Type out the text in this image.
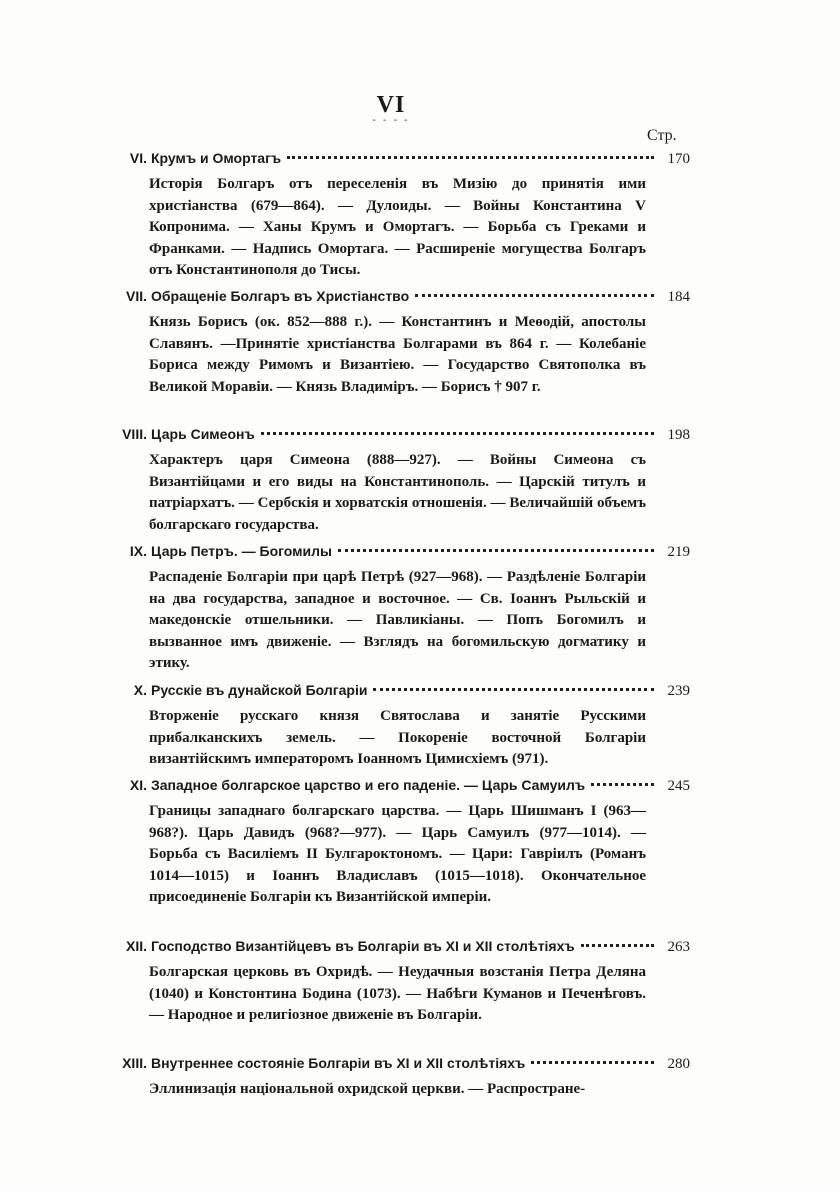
VI
- - - -
Стр.
VI. Крумъ и Омортагъ	170
Исторія Болгаръ отъ переселенія въ Мизію до принятія ими христіанства (679—864). — Дулоиды. — Войны Константина V Копронима. — Ханы Крумъ и Омортагъ. — Борьба съ Греками и Франками. — Надпись Омортага. — Расширеніе могущества Болгаръ отъ Константинополя до Тисы.
VII. Обращеніе Болгаръ въ Христіанство	184
Князь Борисъ (ок. 852—888 г.). — Константинъ и Меѳодій, апостолы Славянъ. —Принятіе христіанства Болгарами въ 864 г. — Колебаніе Бориса между Римомъ и Византіею. — Государство Святополка въ Великой Моравіи. — Князь Владиміръ. — Борисъ † 907 г.
VIII. Царь Симеонъ	198
Характеръ царя Симеона (888—927). — Войны Симеона съ Византійцами и его виды на Константинополь. — Царскій титулъ и патріархатъ. — Сербскія и хорватскія отношенія. — Величайшій объемъ болгарскаго государства.
IX. Царь Петръ. — Богомилы	219
Распаденіе Болгаріи при царѣ Петрѣ (927—968). — Раздѣленіе Болгаріи на два государства, западное и восточное. — Св. Іоаннъ Рыльскій и македонскіе отшельники. — Павликіаны. — Попъ Богомилъ и вызванное имъ движеніе. — Взглядъ на богомильскую догматику и этику.
X. Русскіе въ дунайской Болгаріи	239
Вторженіе русскаго князя Святослава и занятіе Русскими прибалканскихъ земель. — Покореніе восточной Болгаріи византійскимъ императоромъ Іоанномъ Цимисхіемъ (971).
XI. Западное болгарское царство и его паденіе. — Царь Самуилъ	245
Границы западнаго болгарскаго царства. — Царь Шишманъ I (963—968?). Царь Давидъ (968?—977). — Царь Самуилъ (977—1014). — Борьба съ Василіемъ II Булгароктономъ. — Цари: Гавріилъ (Романъ 1014—1015) и Іоаннъ Владиславъ (1015—1018). Окончательное присоединеніе Болгаріи къ Византійской имперіи.
XII. Господство Византійцевъ въ Болгаріи въ XI и XII столѣтіяхъ	263
Болгарская церковь въ Охридѣ. — Неудачныя возстанія Петра Деляна (1040) и Констонтина Бодина (1073). — Набѣги Куманов и Печенѣговъ. — Народное и религіозное движеніе въ Болгаріи.
XIII. Внутреннее состояніе Болгаріи въ XI и XII столѣтіяхъ	280
Эллинизація національной охридской церкви. — Распростране-
